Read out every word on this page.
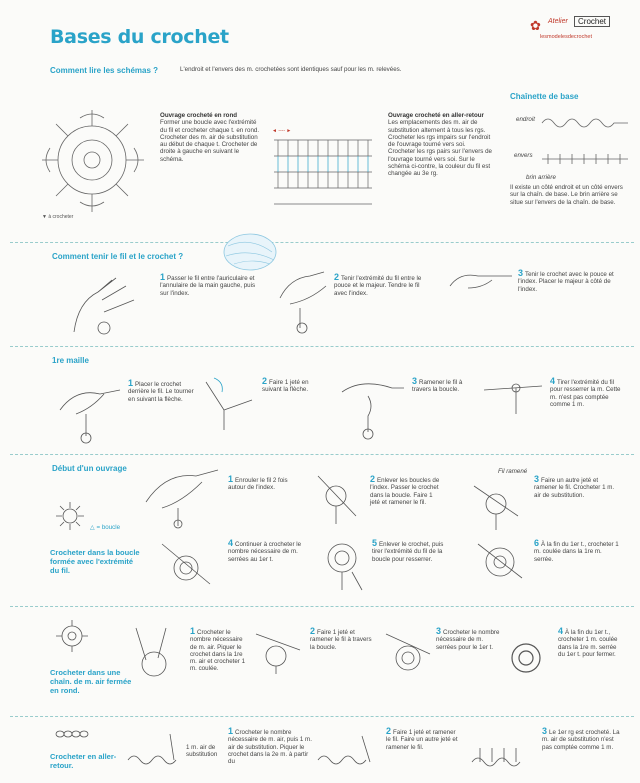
Bases du crochet
✿ Atelier	Crochet
lesmodelesdecrochet
Comment lire les schémas ?	L'endroit et l'envers des m. crochetées sont identiques sauf pour les m. relevées.
▼ à crocheter
Ouvrage crocheté en rond
Former une boucle avec l'extrémité du fil et crocheter chaque t. en rond. Crocheter des m. air de substitution au début de chaque t. Crocheter de droite à gauche en suivant le schéma.
◄ ---- ►
Ouvrage crocheté en aller-retour
Les emplacements des m. air de substitution alternent à tous les rgs. Crocheter les rgs impairs sur l'endroit de l'ouvrage tourné vers soi. Crocheter les rgs pairs sur l'envers de l'ouvrage tourné vers soi. Sur le schéma ci-contre, la couleur du fil est changée au 3e rg.
Chaînette de base
endroit
envers
brin arrière
Il existe un côté endroit et un côté envers sur la chaîn. de base. Le brin arrière se situe sur l'envers de la chaîn. de base.
Comment tenir le fil et le crochet ?
1 Passer le fil entre l'auriculaire et l'annulaire de la main gauche, puis sur l'index.
2 Tenir l'extrémité du fil entre le pouce et le majeur. Tendre le fil avec l'index.
3 Tenir le crochet avec le pouce et l'index. Placer le majeur à côté de l'index.
1re maille
1 Placer le crochet derrière le fil. Le tourner en suivant la flèche.
2 Faire 1 jeté en suivant la flèche.
3 Ramener le fil à travers la boucle.
4 Tirer l'extrémité du fil pour resserrer la m. Cette m. n'est pas comptée comme 1 m.
Début d'un ouvrage
△ = boucle
Crocheter dans la boucle formée avec l'extrémité du fil.
1 Enrouler le fil 2 fois autour de l'index.
2 Enlever les boucles de l'index. Passer le crochet dans la boucle. Faire 1 jeté et ramener le fil.
Fil ramené
3 Faire un autre jeté et ramener le fil. Crocheter 1 m. air de substitution.
4 Continuer à crocheter le nombre nécessaire de m. serrées au 1er t.
5 Enlever le crochet, puis tirer l'extrémité du fil de la boucle pour resserrer.
6 À la fin du 1er t., crocheter 1 m. coulée dans la 1re m. serrée.
Crocheter dans une chaîn. de m. air fermée en rond.
1 Crocheter le nombre nécessaire de m. air. Piquer le crochet dans la 1re m. air et crocheter 1 m. coulée.
2 Faire 1 jeté et ramener le fil à travers la boucle.
3 Crocheter le nombre nécessaire de m. serrées pour le 1er t.
4 À la fin du 1er t., crocheter 1 m. coulée dans la 1re m. serrée du 1er t. pour fermer.
Crocheter en aller-retour.
1 m. air de substitution
1 Crocheter le nombre nécessaire de m. air, puis 1 m. air de substitution. Piquer le crochet dans la 2e m. à partir du
2 Faire 1 jeté et ramener le fil. Faire un autre jeté et ramener le fil.
3 Le 1er rg est crocheté. La m. air de substitution n'est pas comptée comme 1 m.
